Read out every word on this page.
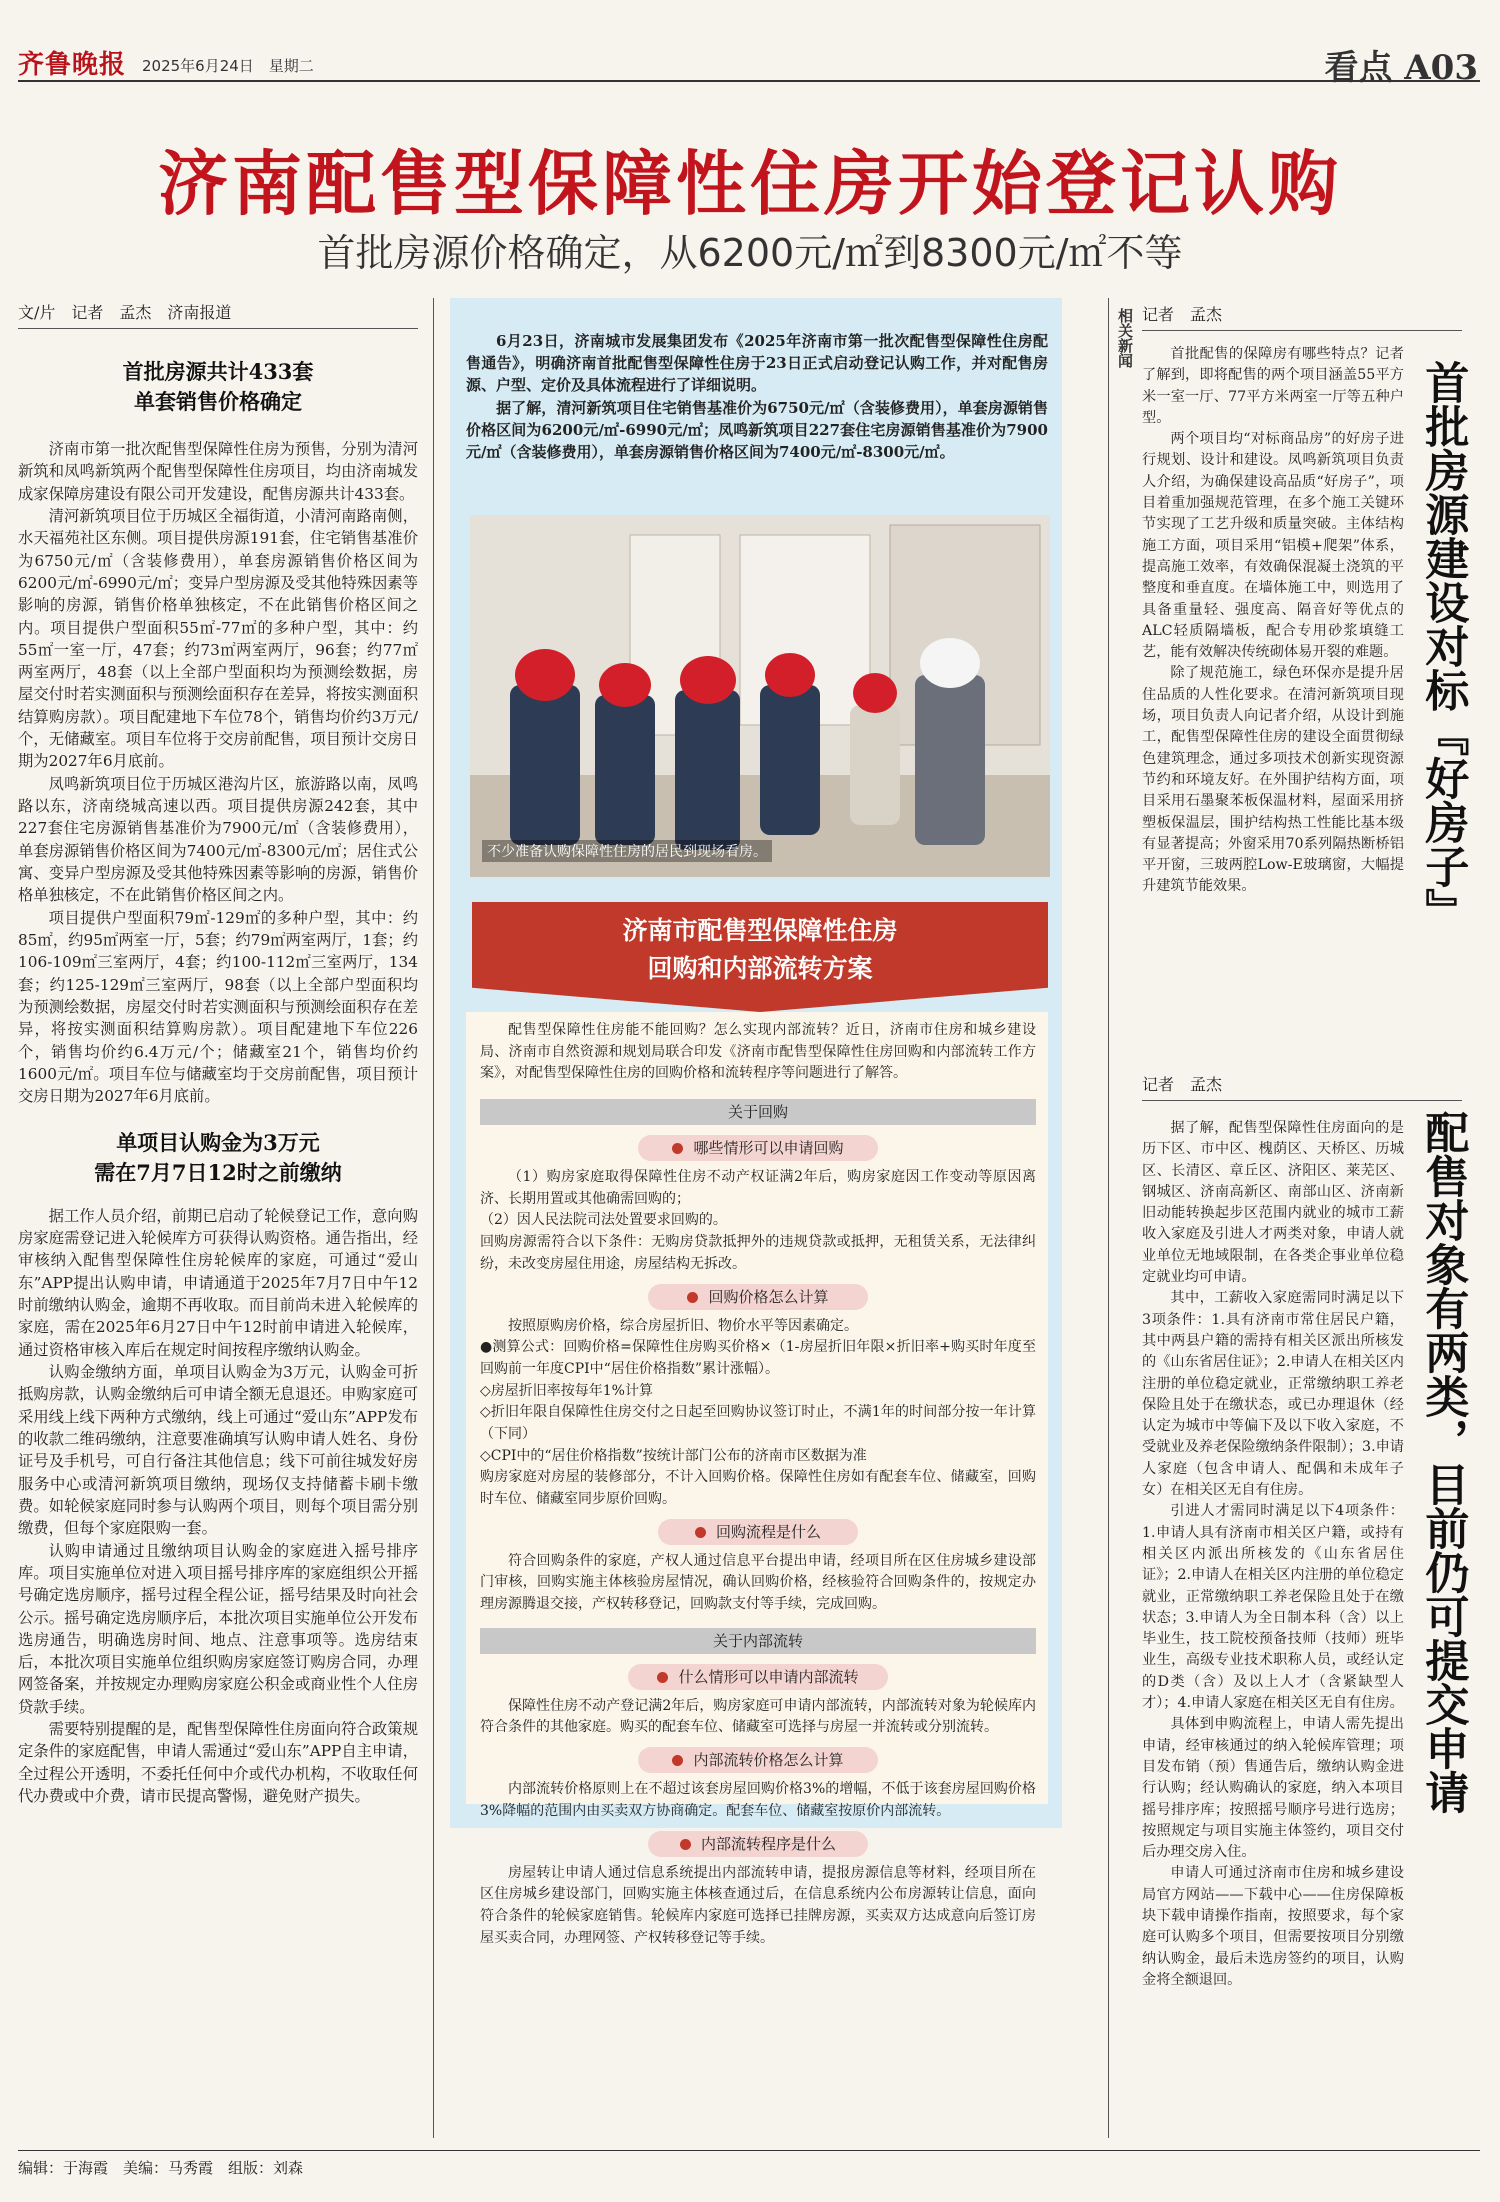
齐鲁晚报 2025年6月24日　星期二	看点 A03
济南配售型保障性住房开始登记认购
首批房源价格确定，从6200元/㎡到8300元/㎡不等
文/片　记者　孟杰　济南报道
首批房源共计433套
单套销售价格确定

济南市第一批次配售型保障性住房为预售，分别为清河新筑和凤鸣新筑两个配售型保障性住房项目，均由济南城发成家保障房建设有限公司开发建设，配售房源共计433套。

清河新筑项目位于历城区全福街道，小清河南路南侧，水天福苑社区东侧。项目提供房源191套，住宅销售基准价为6750元/㎡（含装修费用），单套房源销售价格区间为6200元/㎡-6990元/㎡；变异户型房源及受其他特殊因素等影响的房源，销售价格单独核定，不在此销售价格区间之内。项目提供户型面积55㎡-77㎡的多种户型，其中：约55㎡一室一厅，47套；约73㎡两室两厅，96套；约77㎡两室两厅，48套（以上全部户型面积均为预测绘数据，房屋交付时若实测面积与预测绘面积存在差异，将按实测面积结算购房款）。项目配建地下车位78个，销售均价约3万元/个，无储藏室。项目车位将于交房前配售，项目预计交房日期为2027年6月底前。

凤鸣新筑项目位于历城区港沟片区，旅游路以南，凤鸣路以东，济南绕城高速以西。项目提供房源242套，其中227套住宅房源销售基准价为7900元/㎡（含装修费用），单套房源销售价格区间为7400元/㎡-8300元/㎡；居住式公寓、变异户型房源及受其他特殊因素等影响的房源，销售价格单独核定，不在此销售价格区间之内。

项目提供户型面积79㎡-129㎡的多种户型，其中：约85㎡，约95㎡两室一厅，5套；约79㎡两室两厅，1套；约106-109㎡三室两厅，4套；约100-112㎡三室两厅，134套；约125-129㎡三室两厅，98套（以上全部户型面积均为预测绘数据，房屋交付时若实测面积与预测绘面积存在差异，将按实测面积结算购房款）。项目配建地下车位226个，销售均价约6.4万元/个；储藏室21个，销售均价约1600元/㎡。项目车位与储藏室均于交房前配售，项目预计交房日期为2027年6月底前。

单项目认购金为3万元
需在7月7日12时之前缴纳

据工作人员介绍，前期已启动了轮候登记工作，意向购房家庭需登记进入轮候库方可获得认购资格。通告指出，经审核纳入配售型保障性住房轮候库的家庭，可通过“爱山东”APP提出认购申请，申请通道于2025年7月7日中午12时前缴纳认购金，逾期不再收取。而目前尚未进入轮候库的家庭，需在2025年6月27日中午12时前申请进入轮候库，通过资格审核入库后在规定时间按程序缴纳认购金。

认购金缴纳方面，单项目认购金为3万元，认购金可折抵购房款，认购金缴纳后可申请全额无息退还。申购家庭可采用线上线下两种方式缴纳，线上可通过“爱山东”APP发布的收款二维码缴纳，注意要准确填写认购申请人姓名、身份证号及手机号，可自行备注其他信息；线下可前往城发好房服务中心或清河新筑项目缴纳，现场仅支持储蓄卡刷卡缴费。如轮候家庭同时参与认购两个项目，则每个项目需分别缴费，但每个家庭限购一套。

认购申请通过且缴纳项目认购金的家庭进入摇号排序库。项目实施单位对进入项目摇号排序库的家庭组织公开摇号确定选房顺序，摇号过程全程公证，摇号结果及时向社会公示。摇号确定选房顺序后，本批次项目实施单位公开发布选房通告，明确选房时间、地点、注意事项等。选房结束后，本批次项目实施单位组织购房家庭签订购房合同，办理网签备案，并按规定办理购房家庭公积金或商业性个人住房贷款手续。

需要特别提醒的是，配售型保障性住房面向符合政策规定条件的家庭配售，申请人需通过“爱山东”APP自主申请，全过程公开透明，不委托任何中介或代办机构，不收取任何代办费或中介费，请市民提高警惕，避免财产损失。

6月23日，济南城市发展集团发布《2025年济南市第一批次配售型保障性住房配售通告》，明确济南首批配售型保障性住房于23日正式启动登记认购工作，并对配售房源、户型、定价及具体流程进行了详细说明。
　　据了解，清河新筑项目住宅销售基准价为6750元/㎡（含装修费用），单套房源销售价格区间为6200元/㎡-6990元/㎡；凤鸣新筑项目227套住宅房源销售基准价为7900元/㎡（含装修费用），单套房源销售价格区间为7400元/㎡-8300元/㎡。
不少准备认购保障性住房的居民到现场看房。
济南市配售型保障性住房
回购和内部流转方案
配售型保障性住房能不能回购？怎么实现内部流转？近日，济南市住房和城乡建设局、济南市自然资源和规划局联合印发《济南市配售型保障性住房回购和内部流转工作方案》，对配售型保障性住房的回购价格和流转程序等问题进行了解答。
关于回购
哪些情形可以申请回购
（1）购房家庭取得保障性住房不动产权证满2年后，购房家庭因工作变动等原因离济、长期用置或其他确需回购的；
（2）因人民法院司法处置要求回购的。
回购房源需符合以下条件：无购房贷款抵押外的违规贷款或抵押，无租赁关系，无法律纠纷，未改变房屋住用途，房屋结构无拆改。
回购价格怎么计算
按照原购房价格，综合房屋折旧、物价水平等因素确定。
●测算公式：回购价格=保障性住房购买价格×（1-房屋折旧年限×折旧率+购买时年度至回购前一年度CPI中“居住价格指数”累计涨幅）。
◇房屋折旧率按每年1%计算
◇折旧年限自保障性住房交付之日起至回购协议签订时止，不满1年的时间部分按一年计算（下同）
◇CPI中的“居住价格指数”按统计部门公布的济南市区数据为准
购房家庭对房屋的装修部分，不计入回购价格。保障性住房如有配套车位、储藏室，回购时车位、储藏室同步原价回购。
回购流程是什么
符合回购条件的家庭，产权人通过信息平台提出申请，经项目所在区住房城乡建设部门审核，回购实施主体核验房屋情况，确认回购价格，经核验符合回购条件的，按规定办理房源腾退交接，产权转移登记，回购款支付等手续，完成回购。
关于内部流转
什么情形可以申请内部流转
保障性住房不动产登记满2年后，购房家庭可申请内部流转，内部流转对象为轮候库内符合条件的其他家庭。购买的配套车位、储藏室可选择与房屋一并流转或分别流转。
内部流转价格怎么计算
内部流转价格原则上在不超过该套房屋回购价格3%的增幅，不低于该套房屋回购价格3%降幅的范围内由买卖双方协商确定。配套车位、储藏室按原价内部流转。
内部流转程序是什么
房屋转让申请人通过信息系统提出内部流转申请，提报房源信息等材料，经项目所在区住房城乡建设部门，回购实施主体核查通过后，在信息系统内公布房源转让信息，面向符合条件的轮候家庭销售。轮候库内家庭可选择已挂牌房源，买卖双方达成意向后签订房屋买卖合同，办理网签、产权转移登记等手续。
相关新闻 记者　孟杰

首批配售的保障房有哪些特点？记者了解到，即将配售的两个项目涵盖55平方米一室一厅、77平方米两室一厅等五种户型。

两个项目均“对标商品房”的好房子进行规划、设计和建设。凤鸣新筑项目负责人介绍，为确保建设高品质“好房子”，项目着重加强规范管理，在多个施工关键环节实现了工艺升级和质量突破。主体结构施工方面，项目采用“铝模+爬架”体系，提高施工效率，有效确保混凝土浇筑的平整度和垂直度。在墙体施工中，则选用了具备重量轻、强度高、隔音好等优点的ALC轻质隔墙板，配合专用砂浆填缝工艺，能有效解决传统砌体易开裂的难题。

除了规范施工，绿色环保亦是提升居住品质的人性化要求。在清河新筑项目现场，项目负责人向记者介绍，从设计到施工，配售型保障性住房的建设全面贯彻绿色建筑理念，通过多项技术创新实现资源节约和环境友好。在外围护结构方面，项目采用石墨聚苯板保温材料，屋面采用挤塑板保温层，围护结构热工性能比基本级有显著提高；外窗采用70系列隔热断桥铝平开窗，三玻两腔Low-E玻璃窗，大幅提升建筑节能效果。	首批房源建设对标『好房子』
记者　孟杰

据了解，配售型保障性住房面向的是历下区、市中区、槐荫区、天桥区、历城区、长清区、章丘区、济阳区、莱芜区、钢城区、济南高新区、南部山区、济南新旧动能转换起步区范围内就业的城市工薪收入家庭及引进人才两类对象，申请人就业单位无地域限制，在各类企事业单位稳定就业均可申请。

其中，工薪收入家庭需同时满足以下3项条件：1.具有济南市常住居民户籍，其中两县户籍的需持有相关区派出所核发的《山东省居住证》；2.申请人在相关区内注册的单位稳定就业，正常缴纳职工养老保险且处于在缴状态，或已办理退休（经认定为城市中等偏下及以下收入家庭，不受就业及养老保险缴纳条件限制）；3.申请人家庭（包含申请人、配偶和未成年子女）在相关区无自有住房。

引进人才需同时满足以下4项条件：1.申请人具有济南市相关区户籍，或持有相关区内派出所核发的《山东省居住证》；2.申请人在相关区内注册的单位稳定就业，正常缴纳职工养老保险且处于在缴状态；3.申请人为全日制本科（含）以上毕业生，技工院校预备技师（技师）班毕业生，高级专业技术职称人员，或经认定的D类（含）及以上人才（含紧缺型人才）；4.申请人家庭在相关区无自有住房。

具体到申购流程上，申请人需先提出申请，经审核通过的纳入轮候库管理；项目发布销（预）售通告后，缴纳认购金进行认购；经认购确认的家庭，纳入本项目摇号排序库；按照摇号顺序号进行选房；按照规定与项目实施主体签约，项目交付后办理交房入住。

申请人可通过济南市住房和城乡建设局官方网站——下载中心——住房保障板块下载申请操作指南，按照要求，每个家庭可认购多个项目，但需要按项目分别缴纳认购金，最后未选房签约的项目，认购金将全额退回。

配售对象有两类，目前仍可提交申请
编辑：于海霞　美编：马秀霞　组版：刘森
